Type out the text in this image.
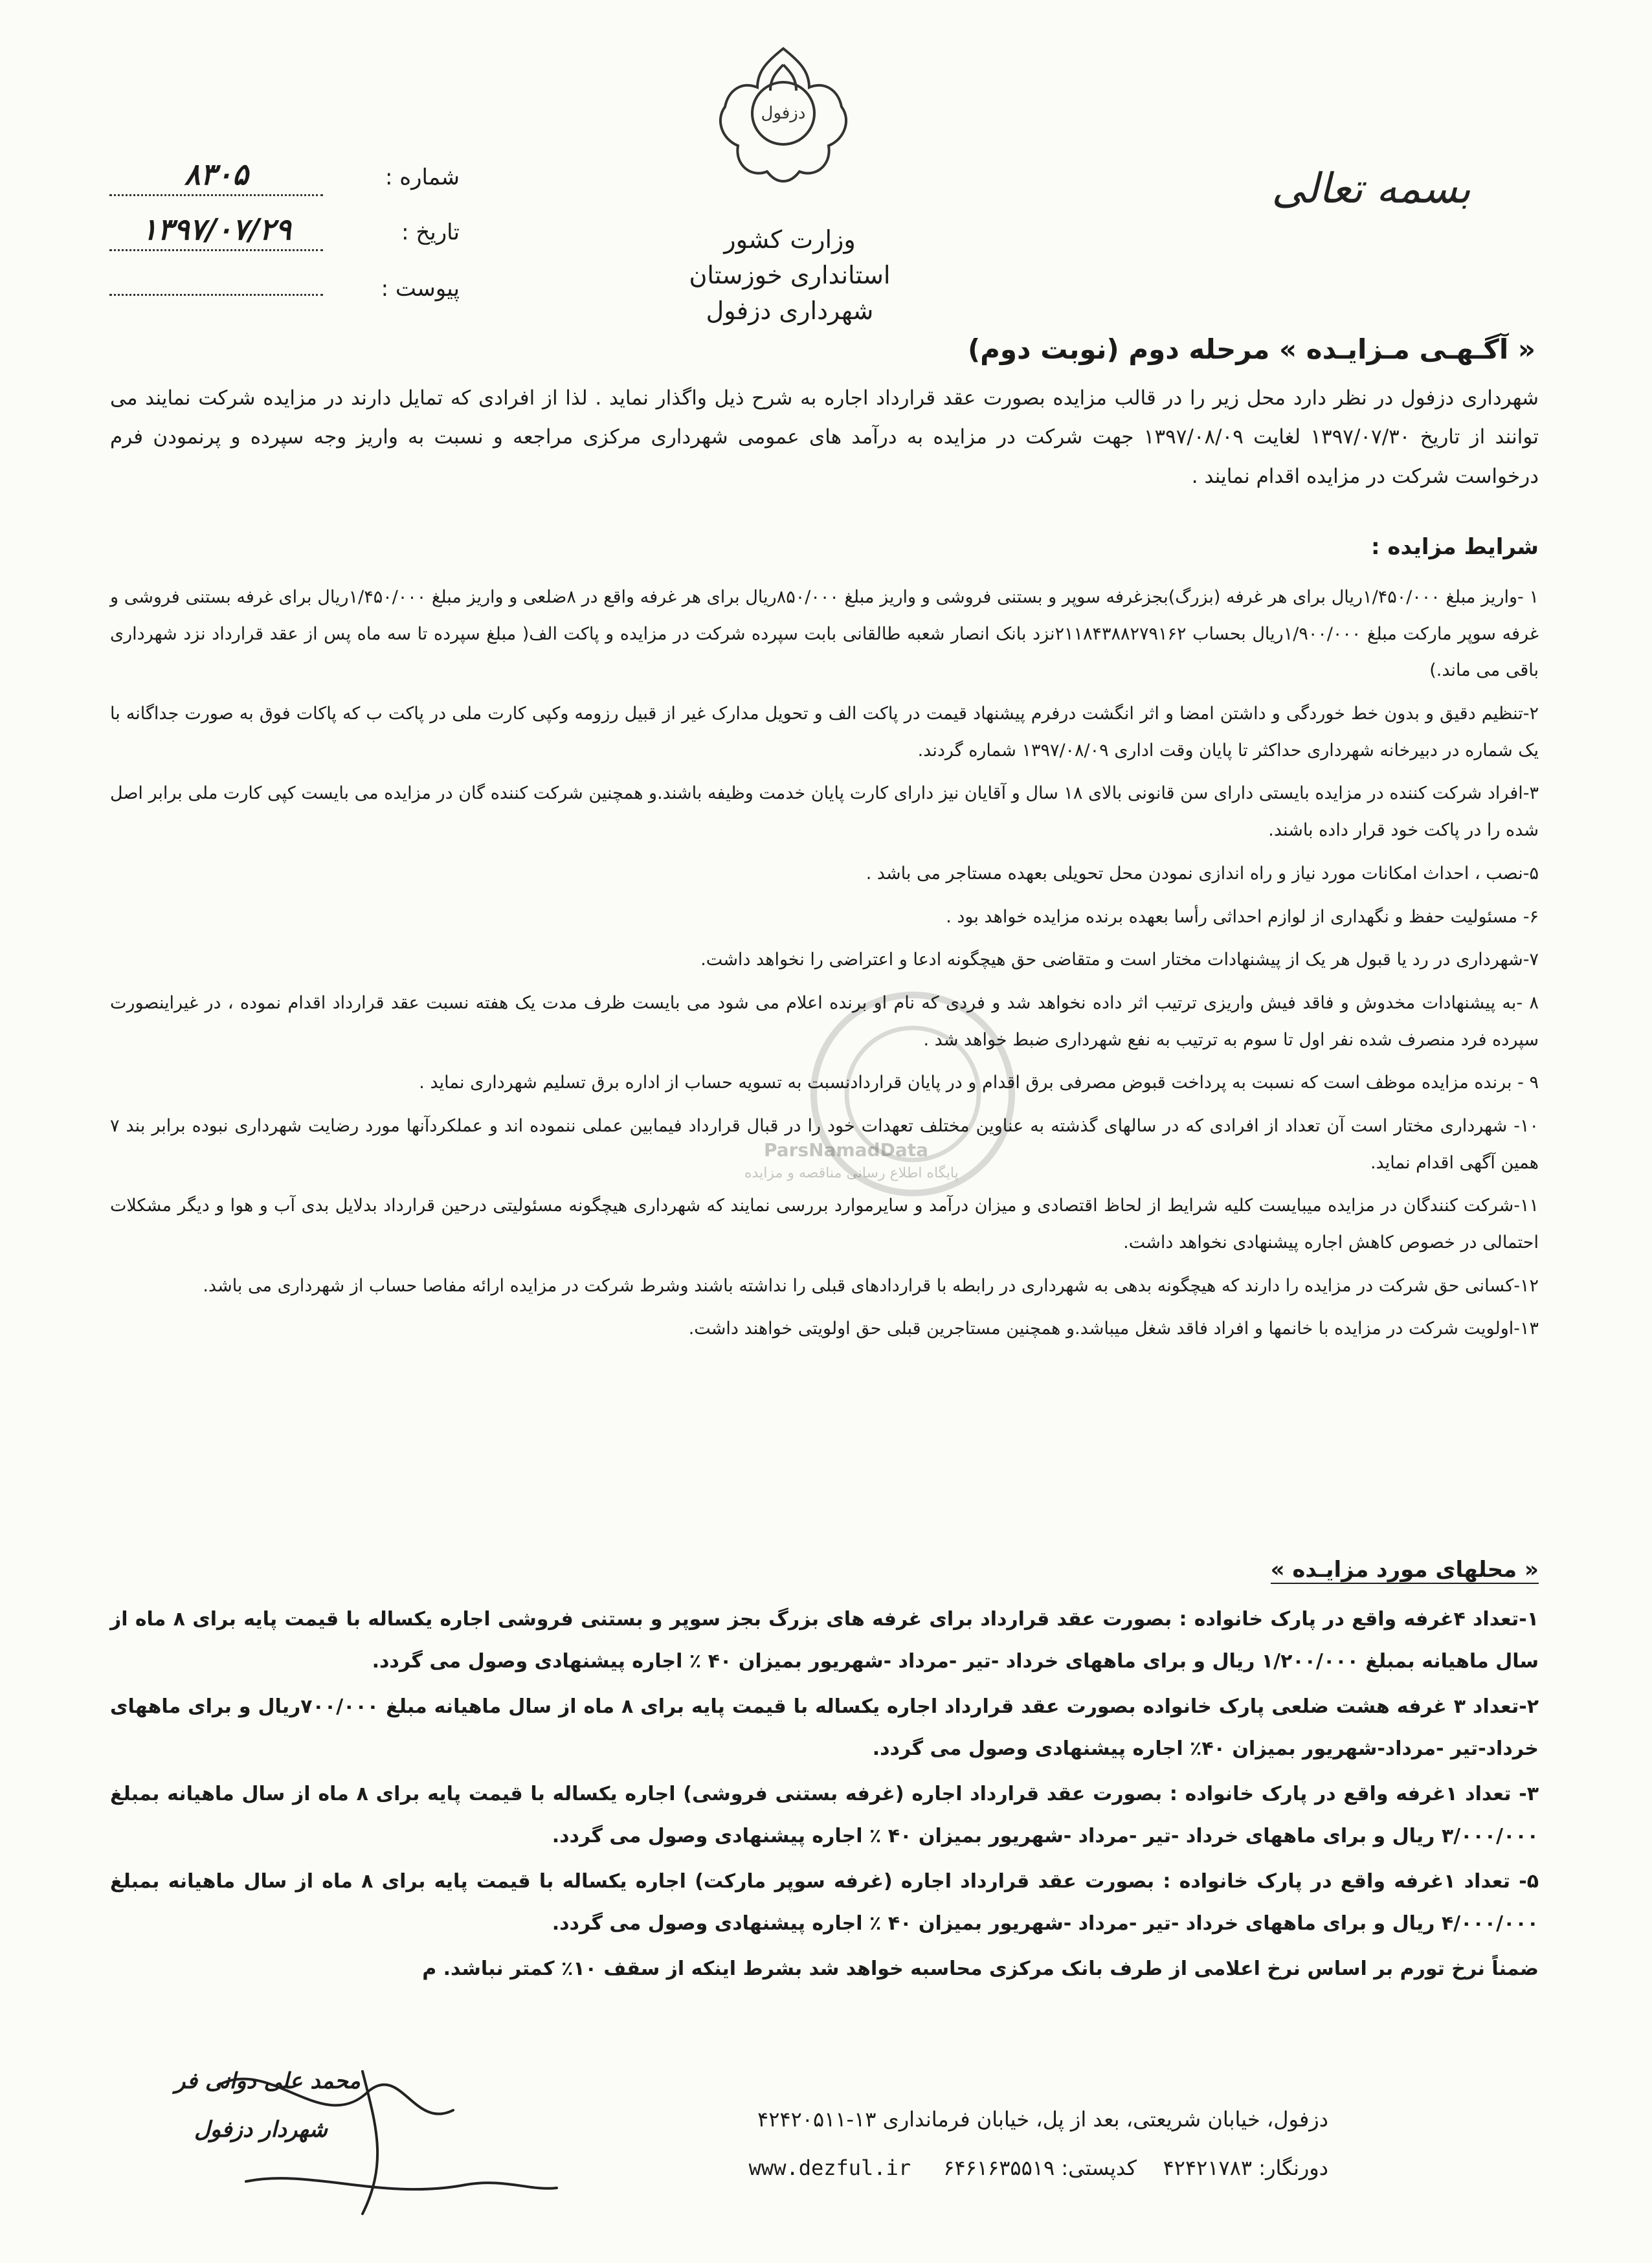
شماره : ۸۳۰۵
تاریخ : ۱۳۹۷/۰۷/۲۹
پیوست :
دزفول
وزارت کشور
استانداری خوزستان
شهرداری دزفول
بسمه تعالی
« آگـهـی مـزایـده » مرحله دوم (نوبت دوم)
شهرداری دزفول در نظر دارد محل زیر را در قالب مزایده بصورت عقد قرارداد اجاره به شرح ذیل واگذار نماید . لذا از افرادی که تمایل دارند در مزایده شرکت نمایند می توانند از تاریخ ۱۳۹۷/۰۷/۳۰ لغایت ۱۳۹۷/۰۸/۰۹ جهت شرکت در مزایده به درآمد های عمومی شهرداری مرکزی مراجعه و نسبت به واریز وجه سپرده و پرنمودن فرم درخواست شرکت در مزایده اقدام نمایند .
شرایط مزایده :

۱ -واریز مبلغ ۱/۴۵۰/۰۰۰ریال برای هر غرفه (بزرگ)بجزغرفه سوپر و بستنی فروشی و واریز مبلغ ۸۵۰/۰۰۰ریال برای هر غرفه واقع در ۸ضلعی و واریز مبلغ ۱/۴۵۰/۰۰۰ریال برای غرفه بستنی فروشی و غرفه سوپر مارکت مبلغ ۱/۹۰۰/۰۰۰ریال بحساب ۲۱۱۸۴۳۸۸۲۷۹۱۶۲نزد بانک انصار شعبه طالقانی بابت سپرده شرکت در مزایده و پاکت الف( مبلغ سپرده تا سه ماه پس از عقد قرارداد نزد شهرداری باقی می ماند.)

۲-تنظیم دقیق و بدون خط خوردگی و داشتن امضا و اثر انگشت درفرم پیشنهاد قیمت در پاکت الف و تحویل مدارک غیر از قبیل رزومه وکپی کارت ملی در پاکت ب که پاکات فوق به صورت جداگانه با یک شماره در دبیرخانه شهرداری حداکثر تا پایان وقت اداری ۱۳۹۷/۰۸/۰۹ شماره گردند.

۳-افراد شرکت کننده در مزایده بایستی دارای سن قانونی بالای ۱۸ سال و آقایان نیز دارای کارت پایان خدمت وظیفه باشند.و همچنین شرکت کننده گان در مزایده می بایست کپی کارت ملی برابر اصل شده را در پاکت خود قرار داده باشند.

۵-نصب ، احداث امکانات مورد نیاز و راه اندازی نمودن محل تحویلی بعهده مستاجر می باشد .

۶- مسئولیت حفظ و نگهداری از لوازم احداثی رأسا بعهده برنده مزایده خواهد بود .

۷-شهرداری در رد یا قبول هر یک از پیشنهادات مختار است و متقاضی حق هیچگونه ادعا و اعتراضی را نخواهد داشت.

۸ -به پیشنهادات مخدوش و فاقد فیش واریزی ترتیب اثر داده نخواهد شد و فردی که نام او برنده اعلام می شود می بایست ظرف مدت یک هفته نسبت عقد قرارداد اقدام نموده ، در غیراینصورت سپرده فرد منصرف شده نفر اول تا سوم به ترتیب به نفع شهرداری ضبط خواهد شد .

۹ - برنده مزایده موظف است که نسبت به پرداخت قبوض مصرفی برق اقدام و در پایان قراردادنسبت به تسویه حساب از اداره برق تسلیم شهرداری نماید .

۱۰- شهرداری مختار است آن تعداد از افرادی که در سالهای گذشته به عناوین مختلف تعهدات خود را در قبال قرارداد فیمابین عملی ننموده اند و عملکردآنها مورد رضایت شهرداری نبوده برابر بند ۷ همین آگهی اقدام نماید.

۱۱-شرکت کنندگان در مزایده میبایست کلیه شرایط از لحاظ اقتصادی و میزان درآمد و سایرموارد بررسی نمایند که شهرداری هیچگونه مسئولیتی درحین قرارداد بدلایل بدی آب و هوا و دیگر مشکلات احتمالی در خصوص کاهش اجاره پیشنهادی نخواهد داشت.

۱۲-کسانی حق شرکت در مزایده را دارند که هیچگونه بدهی به شهرداری در رابطه با قراردادهای قبلی را نداشته باشند وشرط شرکت در مزایده ارائه مفاصا حساب از شهرداری می باشد.

۱۳-اولویت شرکت در مزایده با خانمها و افراد فاقد شغل میباشد.و همچنین مستاجرین قبلی حق اولویتی خواهند داشت.

ParsNamadData
پایگاه اطلاع رسانی مناقصه و مزایده
« محلهای مورد مزایـده »

۱-تعداد ۴غرفه واقع در پارک خانواده : بصورت عقد قرارداد برای غرفه های بزرگ بجز سوپر و بستنی فروشی اجاره یکساله با قیمت پایه برای ۸ ماه از سال ماهیانه بمبلغ ۱/۲۰۰/۰۰۰ ریال و برای ماههای خرداد -تیر -مرداد -شهریور بمیزان ۴۰ ٪ اجاره پیشنهادی وصول می گردد.

۲-تعداد ۳ غرفه هشت ضلعی پارک خانواده بصورت عقد قرارداد اجاره یکساله با قیمت پایه برای ۸ ماه از سال ماهیانه مبلغ ۷۰۰/۰۰۰ریال و برای ماههای خرداد-تیر -مرداد-شهریور بمیزان ۴۰٪ اجاره پیشنهادی وصول می گردد.

۳- تعداد ۱غرفه واقع در پارک خانواده : بصورت عقد قرارداد اجاره (غرفه بستنی فروشی) اجاره یکساله با قیمت پایه برای ۸ ماه از سال ماهیانه بمبلغ ۳/۰۰۰/۰۰۰ ریال و برای ماههای خرداد -تیر -مرداد -شهریور بمیزان ۴۰ ٪ اجاره پیشنهادی وصول می گردد.

۵- تعداد ۱غرفه واقع در پارک خانواده : بصورت عقد قرارداد اجاره (غرفه سوپر مارکت) اجاره یکساله با قیمت پایه برای ۸ ماه از سال ماهیانه بمبلغ ۴/۰۰۰/۰۰۰ ریال و برای ماههای خرداد -تیر -مرداد -شهریور بمیزان ۴۰ ٪ اجاره پیشنهادی وصول می گردد.

ضمناً نرخ تورم بر اساس نرخ اعلامی از طرف بانک مرکزی محاسبه خواهد شد بشرط اینکه از سقف ۱۰٪ کمتر نباشد. م

محمد علی دوانی فر
شهردار دزفول	دزفول، خیابان شریعتی، بعد از پل، خیابان فرمانداری ۱۳-۴۲۴۲۰۵۱۱
دورنگار: ۴۲۴۲۱۷۸۳    کدپستی: ۶۴۶۱۶۳۵۵۱۹ www.dezful.ir
